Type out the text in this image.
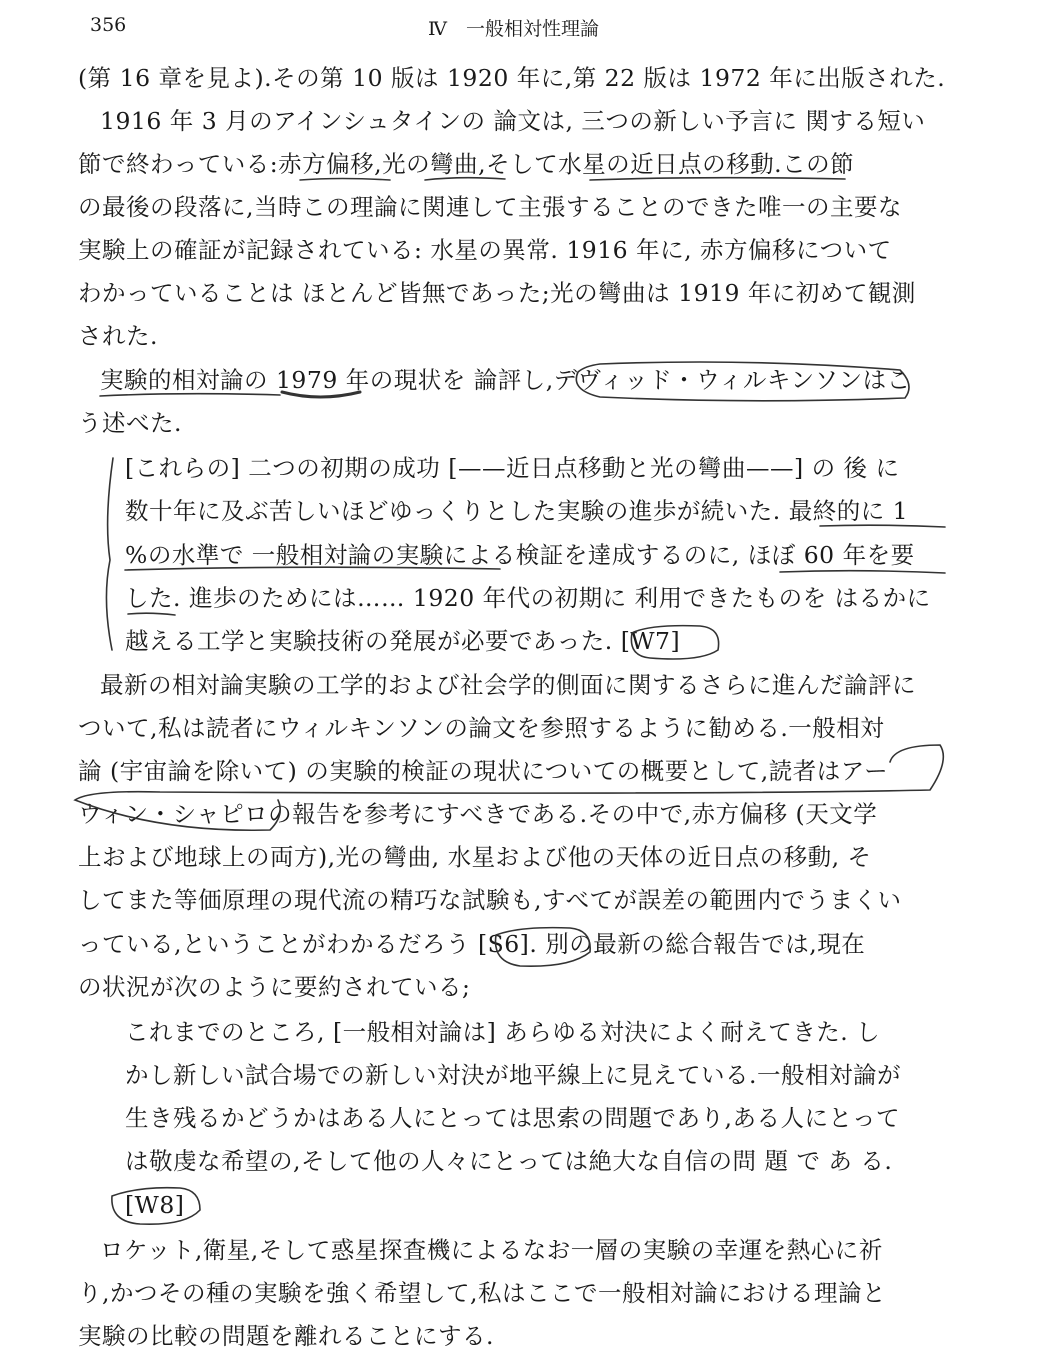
356	Ⅳ　一般相対性理論
(第 16 章を見よ).その第 10 版は 1920 年に,第 22 版は 1972 年に出版された.
1916 年 3 月のアインシュタインの 論文は, 三つの新しい予言に 関する短い
節で終わっている:赤方偏移,光の彎曲,そして水星の近日点の移動.この節
の最後の段落に,当時この理論に関連して主張することのできた唯一の主要な
実験上の確証が記録されている: 水星の異常. 1916 年に, 赤方偏移について
わかっていることは ほとんど皆無であった;光の彎曲は 1919 年に初めて観測
された.
実験的相対論の 1979 年の現状を 論評し,デヴィッド・ウィルキンソンはこ
う述べた.
[これらの] 二つの初期の成功 [——近日点移動と光の彎曲——] の 後 に
数十年に及ぶ苦しいほどゆっくりとした実験の進歩が続いた. 最終的に 1
%の水準で 一般相対論の実験による検証を達成するのに, ほぼ 60 年を要
した. 進歩のためには…… 1920 年代の初期に 利用できたものを はるかに
越える工学と実験技術の発展が必要であった. [W7]
最新の相対論実験の工学的および社会学的側面に関するさらに進んだ論評に
ついて,私は読者にウィルキンソンの論文を参照するように勧める.一般相対
論 (宇宙論を除いて) の実験的検証の現状についての概要として,読者はアー
ウィン・シャピロの報告を参考にすべきである.その中で,赤方偏移 (天文学
上および地球上の両方),光の彎曲, 水星および他の天体の近日点の移動, そ
してまた等価原理の現代流の精巧な試験も,すべてが誤差の範囲内でうまくい
っている,ということがわかるだろう [S6]. 別の最新の総合報告では,現在
の状況が次のように要約されている;
これまでのところ, [一般相対論は] あらゆる対決によく耐えてきた. し
かし新しい試合場での新しい対決が地平線上に見えている.一般相対論が
生き残るかどうかはある人にとっては思索の問題であり,ある人にとって
は敬虔な希望の,そして他の人々にとっては絶大な自信の問 題 で あ る.
[W8]
ロケット,衛星,そして惑星探査機によるなお一層の実験の幸運を熱心に祈
り,かつその種の実験を強く希望して,私はここで一般相対論における理論と
実験の比較の問題を離れることにする.
